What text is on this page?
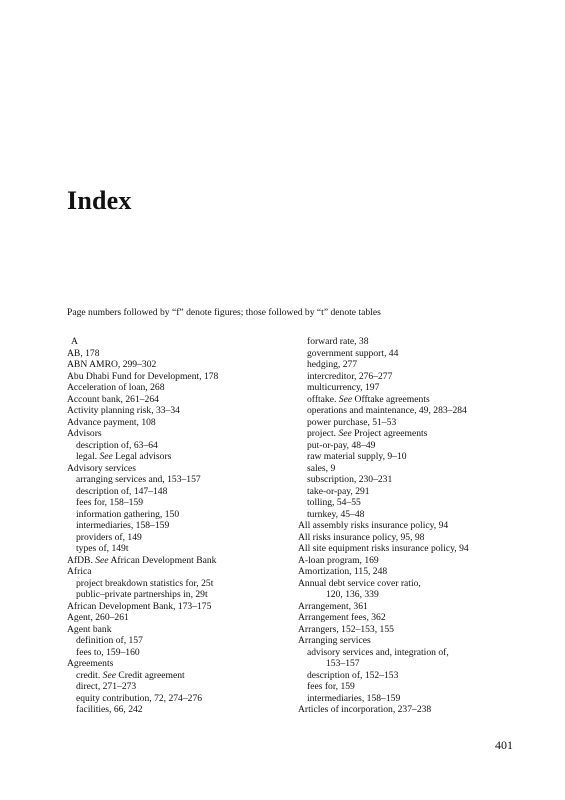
Index
Page numbers followed by “f” denote figures; those followed by “t” denote tables
A
AB, 178
ABN AMRO, 299–302
Abu Dhabi Fund for Development, 178
Acceleration of loan, 268
Account bank, 261–264
Activity planning risk, 33–34
Advance payment, 108
Advisors
description of, 63–64
legal. See Legal advisors
Advisory services
arranging services and, 153–157
description of, 147–148
fees for, 158–159
information gathering, 150
intermediaries, 158–159
providers of, 149
types of, 149t
AfDB. See African Development Bank
Africa
project breakdown statistics for, 25t
public–private partnerships in, 29t
African Development Bank, 173–175
Agent, 260–261
Agent bank
definition of, 157
fees to, 159–160
Agreements
credit. See Credit agreement
direct, 271–273
equity contribution, 72, 274–276
facilities, 66, 242
forward rate, 38
government support, 44
hedging, 277
intercreditor, 276–277
multicurrency, 197
offtake. See Offtake agreements
operations and maintenance, 49, 283–284
power purchase, 51–53
project. See Project agreements
put-or-pay, 48–49
raw material supply, 9–10
sales, 9
subscription, 230–231
take-or-pay, 291
tolling, 54–55
turnkey, 45–48
All assembly risks insurance policy, 94
All risks insurance policy, 95, 98
All site equipment risks insurance policy, 94
A-loan program, 169
Amortization, 115, 248
Annual debt service cover ratio,
120, 136, 339
Arrangement, 361
Arrangement fees, 362
Arrangers, 152–153, 155
Arranging services
advisory services and, integration of,
153–157
description of, 152–153
fees for, 159
intermediaries, 158–159
Articles of incorporation, 237–238
401
